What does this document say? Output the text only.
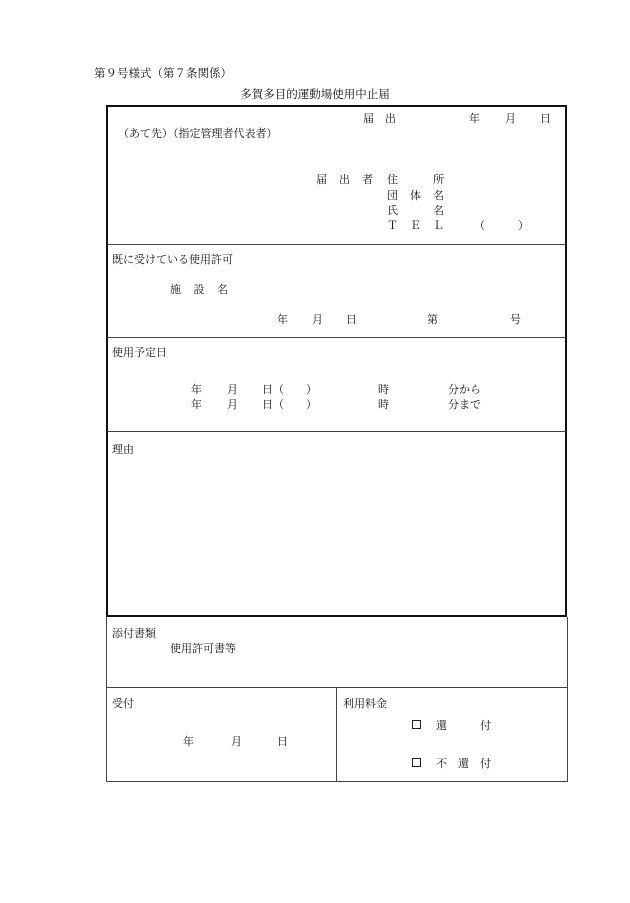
第９号様式（第７条関係）
多賀多目的運動場使用中止届
届　出	年 月 日
（あて先）（指定管理者代表者）
届 出 者 住	所
団 体 名
氏	名
Ｔ Ｅ Ｌ	（　　　）
既に受けている使用許可
施 設 名
年 月 日	第	号
使用予定日
年 月 日（　　）	時	分から
年 月 日（　　）	時	分まで
理由
添付書類
使用許可書等
受付
年	月	日
利用料金
還	付
不 還 付
